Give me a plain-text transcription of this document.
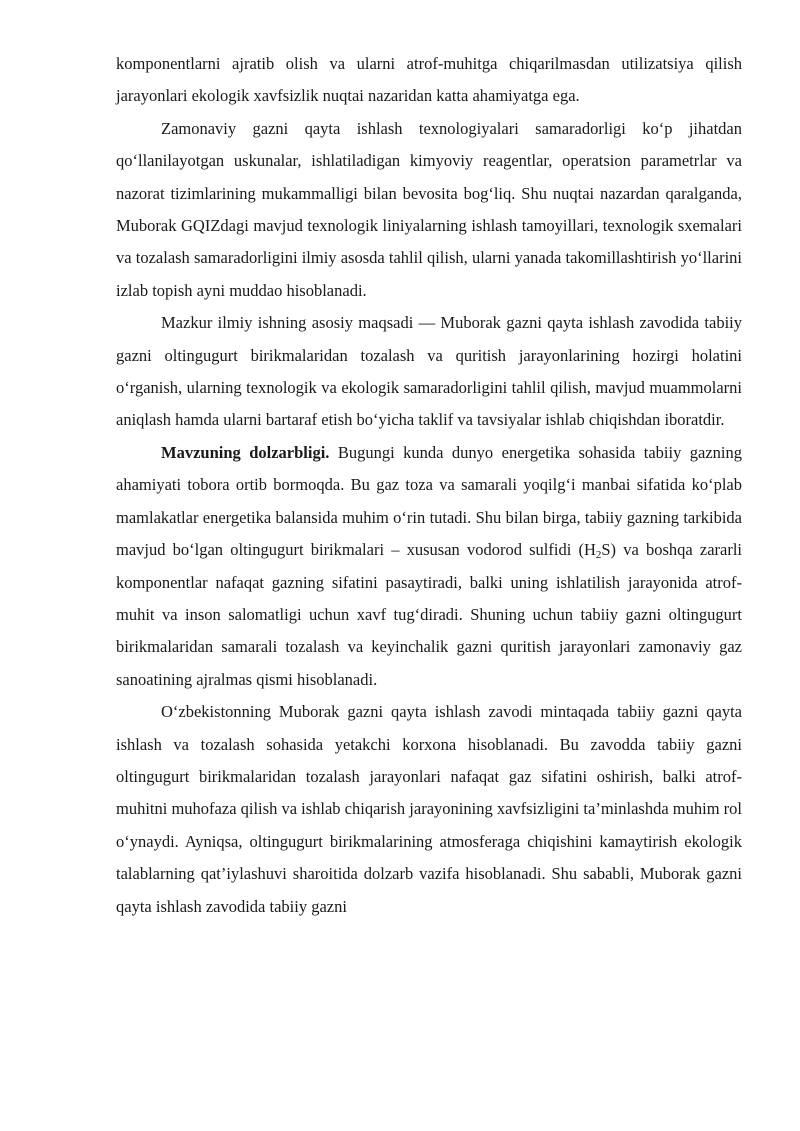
komponentlarni ajratib olish va ularni atrof-muhitga chiqarilmasdan utilizatsiya qilish jarayonlari ekologik xavfsizlik nuqtai nazaridan katta ahamiyatga ega.

Zamonaviy gazni qayta ishlash texnologiyalari samaradorligi ko‘p jihatdan qo‘llanilayotgan uskunalar, ishlatiladigan kimyoviy reagentlar, operatsion parametrlar va nazorat tizimlarining mukammalligi bilan bevosita bog‘liq. Shu nuqtai nazardan qaralganda, Muborak GQIZdagi mavjud texnologik liniyalarning ishlash tamoyillari, texnologik sxemalari va tozalash samaradorligini ilmiy asosda tahlil qilish, ularni yanada takomillashtirish yo‘llarini izlab topish ayni muddao hisoblanadi.

Mazkur ilmiy ishning asosiy maqsadi — Muborak gazni qayta ishlash zavodida tabiiy gazni oltingugurt birikmalaridan tozalash va quritish jarayonlarining hozirgi holatini o‘rganish, ularning texnologik va ekologik samaradorligini tahlil qilish, mavjud muammolarni aniqlash hamda ularni bartaraf etish bo‘yicha taklif va tavsiyalar ishlab chiqishdan iboratdir.

Mavzuning dolzarbligi. Bugungi kunda dunyo energetika sohasida tabiiy gazning ahamiyati tobora ortib bormoqda. Bu gaz toza va samarali yoqilg‘i manbai sifatida ko‘plab mamlakatlar energetika balansida muhim o‘rin tutadi. Shu bilan birga, tabiiy gazning tarkibida mavjud bo‘lgan oltingugurt birikmalari – xususan vodorod sulfidi $(H_2S)$ va boshqa zararli komponentlar nafaqat gazning sifatini pasaytiradi, balki uning ishlatilish jarayonida atrof-muhit va inson salomatligi uchun xavf tug‘diradi. Shuning uchun tabiiy gazni oltingugurt birikmalaridan samarali tozalash va keyinchalik gazni quritish jarayonlari zamonaviy gaz sanoatining ajralmas qismi hisoblanadi.

O‘zbekistonning Muborak gazni qayta ishlash zavodi mintaqada tabiiy gazni qayta ishlash va tozalash sohasida yetakchi korxona hisoblanadi. Bu zavodda tabiiy gazni oltingugurt birikmalaridan tozalash jarayonlari nafaqat gaz sifatini oshirish, balki atrof-muhitni muhofaza qilish va ishlab chiqarish jarayonining xavfsizligini ta’minlashda muhim rol o‘ynaydi. Ayniqsa, oltingugurt birikmalarining atmosferaga chiqishini kamaytirish ekologik talablarning qat’iylashuvi sharoitida dolzarb vazifa hisoblanadi. Shu sababli, Muborak gazni qayta ishlash zavodida tabiiy gazni
